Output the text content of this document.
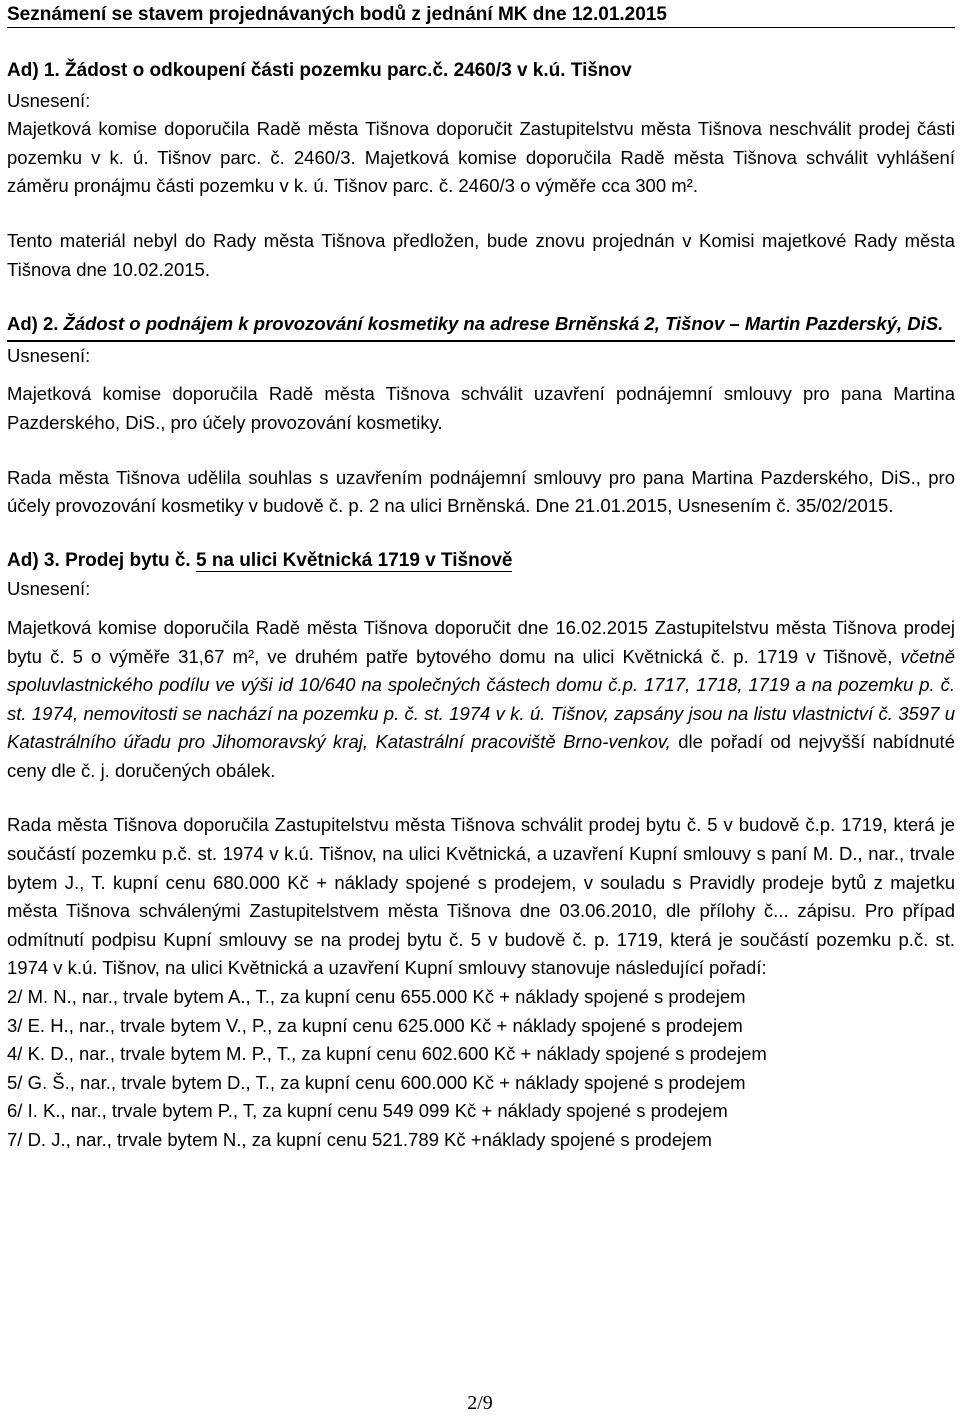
Seznámení se stavem projednávaných bodů z jednání MK dne 12.01.2015

Ad) 1. Žádost o odkoupení části pozemku parc.č. 2460/3 v k.ú. Tišnov

Usnesení:

Majetková komise doporučila Radě města Tišnova doporučit Zastupitelstvu města Tišnova neschválit prodej části pozemku v k. ú. Tišnov parc. č. 2460/3. Majetková komise doporučila Radě města Tišnova schválit vyhlášení záměru pronájmu části pozemku v k. ú. Tišnov parc. č. 2460/3 o výměře cca 300 m².

Tento materiál nebyl do Rady města Tišnova předložen, bude znovu projednán v Komisi majetkové Rady města Tišnova dne 10.02.2015.

Ad) 2. Žádost o podnájem k provozování kosmetiky na adrese Brněnská 2, Tišnov – Martin Pazderský, DiS.

Usnesení:

Majetková komise doporučila Radě města Tišnova schválit uzavření podnájemní smlouvy pro pana Martina Pazderského, DiS., pro účely provozování kosmetiky.

Rada města Tišnova udělila souhlas s uzavřením podnájemní smlouvy pro pana Martina Pazderského, DiS., pro účely provozování kosmetiky v budově č. p. 2 na ulici Brněnská. Dne 21.01.2015, Usnesením č. 35/02/2015.

Ad) 3. Prodej bytu č. 5 na ulici Květnická 1719 v Tišnově

Usnesení:

Majetková komise doporučila Radě města Tišnova doporučit dne 16.02.2015 Zastupitelstvu města Tišnova prodej bytu č. 5 o výměře 31,67 m², ve druhém patře bytového domu na ulici Květnická č. p. 1719 v Tišnově, včetně spoluvlastnického podílu ve výši id 10/640 na společných částech domu č.p. 1717, 1718, 1719 a na pozemku p. č. st. 1974, nemovitosti se nachází na pozemku p. č. st. 1974 v k. ú. Tišnov, zapsány jsou na listu vlastnictví č. 3597 u Katastrálního úřadu pro Jihomoravský kraj, Katastrální pracoviště Brno-venkov, dle pořadí od nejvyšší nabídnuté ceny dle č. j. doručených obálek.

Rada města Tišnova doporučila Zastupitelstvu města Tišnova schválit prodej bytu č. 5 v budově č.p. 1719, která je součástí pozemku p.č. st. 1974 v k.ú. Tišnov, na ulici Květnická, a uzavření Kupní smlouvy s paní M. D., nar., trvale bytem J., T. kupní cenu 680.000 Kč + náklady spojené s prodejem, v souladu s Pravidly prodeje bytů z majetku města Tišnova schválenými Zastupitelstvem města Tišnova dne 03.06.2010, dle přílohy č... zápisu. Pro případ odmítnutí podpisu Kupní smlouvy se na prodej bytu č. 5 v budově č. p. 1719, která je součástí pozemku p.č. st. 1974 v k.ú. Tišnov, na ulici Květnická a uzavření Kupní smlouvy stanovuje následující pořadí:

2/ M. N., nar., trvale bytem A., T., za kupní cenu 655.000 Kč + náklady spojené s prodejem
3/ E. H., nar., trvale bytem V., P., za kupní cenu 625.000 Kč + náklady spojené s prodejem
4/ K. D., nar., trvale bytem M. P., T., za kupní cenu 602.600 Kč + náklady spojené s prodejem
5/ G. Š., nar., trvale bytem D., T., za kupní cenu 600.000 Kč + náklady spojené s prodejem
6/ I. K., nar., trvale bytem P., T, za kupní cenu 549 099 Kč + náklady spojené s prodejem
7/ D. J., nar., trvale bytem N., za kupní cenu 521.789 Kč +náklady spojené s prodejem
2/9
